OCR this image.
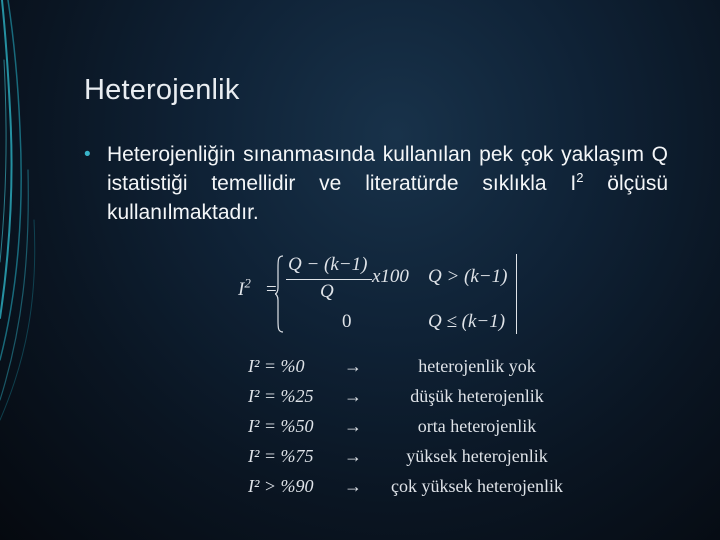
Heterojenlik
• Heterojenliğin sınanmasında kullanılan pek çok yaklaşım Q istatistiği temellidir ve literatürde sıklıkla $I^2$ ölçüsü kullanılmaktadır.
$I^2$ =
Q − (k−1)
Q
x100 Q > (k−1)
0	Q ≤ (k−1)
I² = %0 →	heterojenlik yok
I² = %25 →	düşük heterojenlik
I² = %50 →	orta heterojenlik
I² = %75 →	yüksek heterojenlik
I² > %90 →	çok yüksek heterojenlik
